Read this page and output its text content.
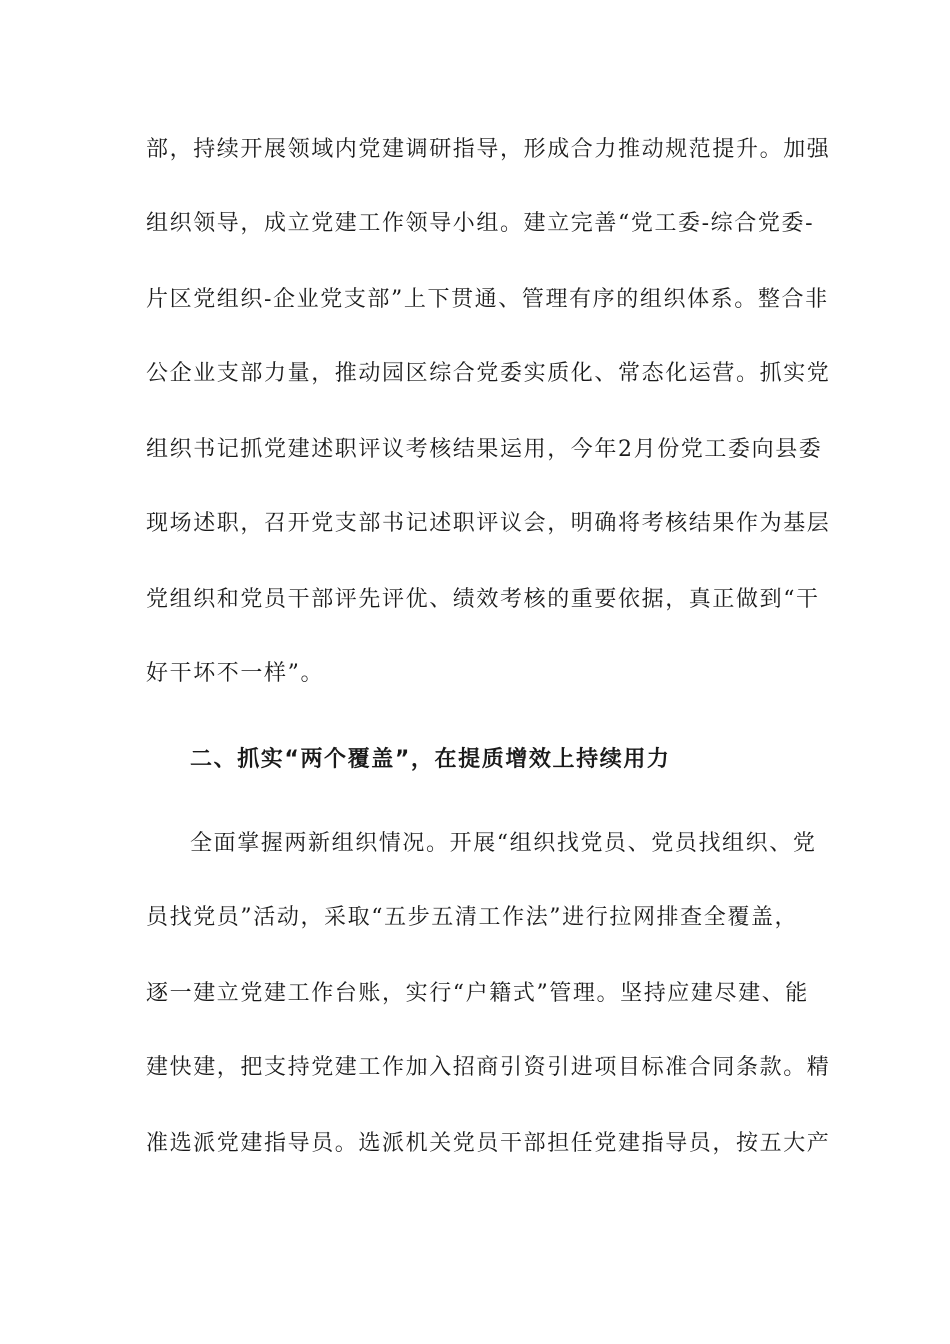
部，持续开展领域内党建调研指导，形成合力推动规范提升。加强
组织领导，成立党建工作领导小组。建立完善“党工委-综合党委-
片区党组织-企业党支部”上下贯通、管理有序的组织体系。整合非
公企业支部力量，推动园区综合党委实质化、常态化运营。抓实党
组织书记抓党建述职评议考核结果运用，今年2月份党工委向县委
现场述职，召开党支部书记述职评议会，明确将考核结果作为基层
党组织和党员干部评先评优、绩效考核的重要依据，真正做到“干
好干坏不一样”。
二、抓实“两个覆盖”，在提质增效上持续用力
全面掌握两新组织情况。开展“组织找党员、党员找组织、党
员找党员”活动，采取“五步五清工作法”进行拉网排查全覆盖，
逐一建立党建工作台账，实行“户籍式”管理。坚持应建尽建、能
建快建，把支持党建工作加入招商引资引进项目标准合同条款。精
准选派党建指导员。选派机关党员干部担任党建指导员，按五大产
